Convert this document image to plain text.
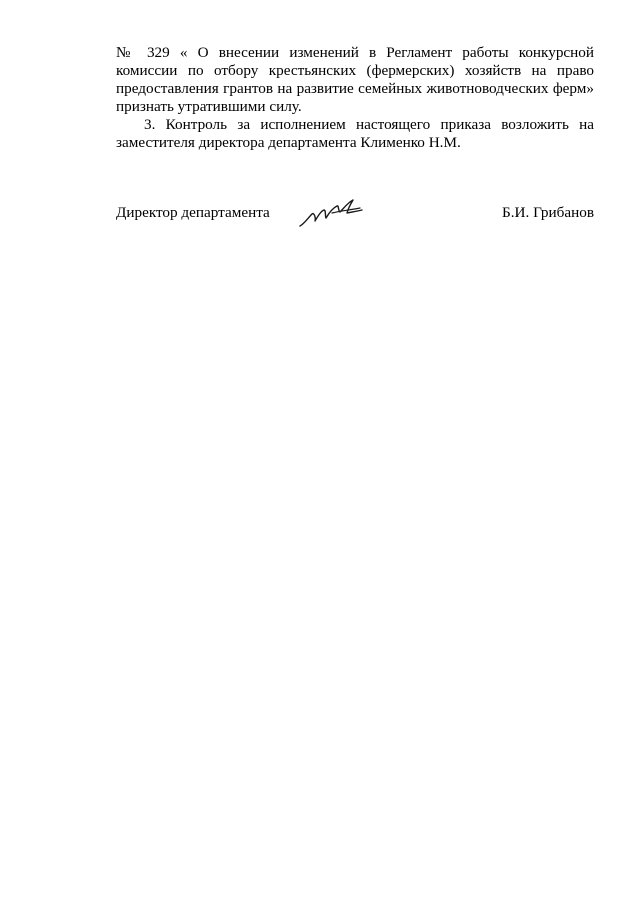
№ 329 « О внесении изменений в Регламент работы конкурсной комиссии по отбору крестьянских (фермерских) хозяйств на право предоставления грантов на развитие семейных животноводческих ферм» признать утратившими силу.

3. Контроль за исполнением настоящего приказа возложить на заместителя директора департамента Клименко Н.М.

Директор департамента	Б.И. Грибанов
